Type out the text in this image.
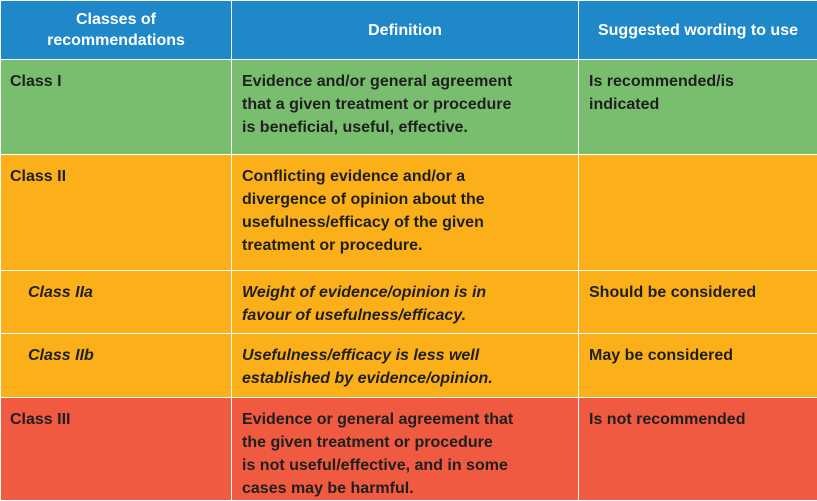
Classes of
recommendations	Definition	Suggested wording to use
Class I	Evidence and/or general agreement
that a given treatment or procedure
is beneficial, useful, effective.	Is recommended/is
indicated
Class II	Conflicting evidence and/or a
divergence of opinion about the
usefulness/efficacy of the given
treatment or procedure.	
Class IIa	Weight of evidence/opinion is in
favour of usefulness/efficacy.	Should be considered
Class IIb	Usefulness/efficacy is less well
established by evidence/opinion.	May be considered
Class III	Evidence or general agreement that
the given treatment or procedure
is not useful/effective, and in some
cases may be harmful.	Is not recommended
